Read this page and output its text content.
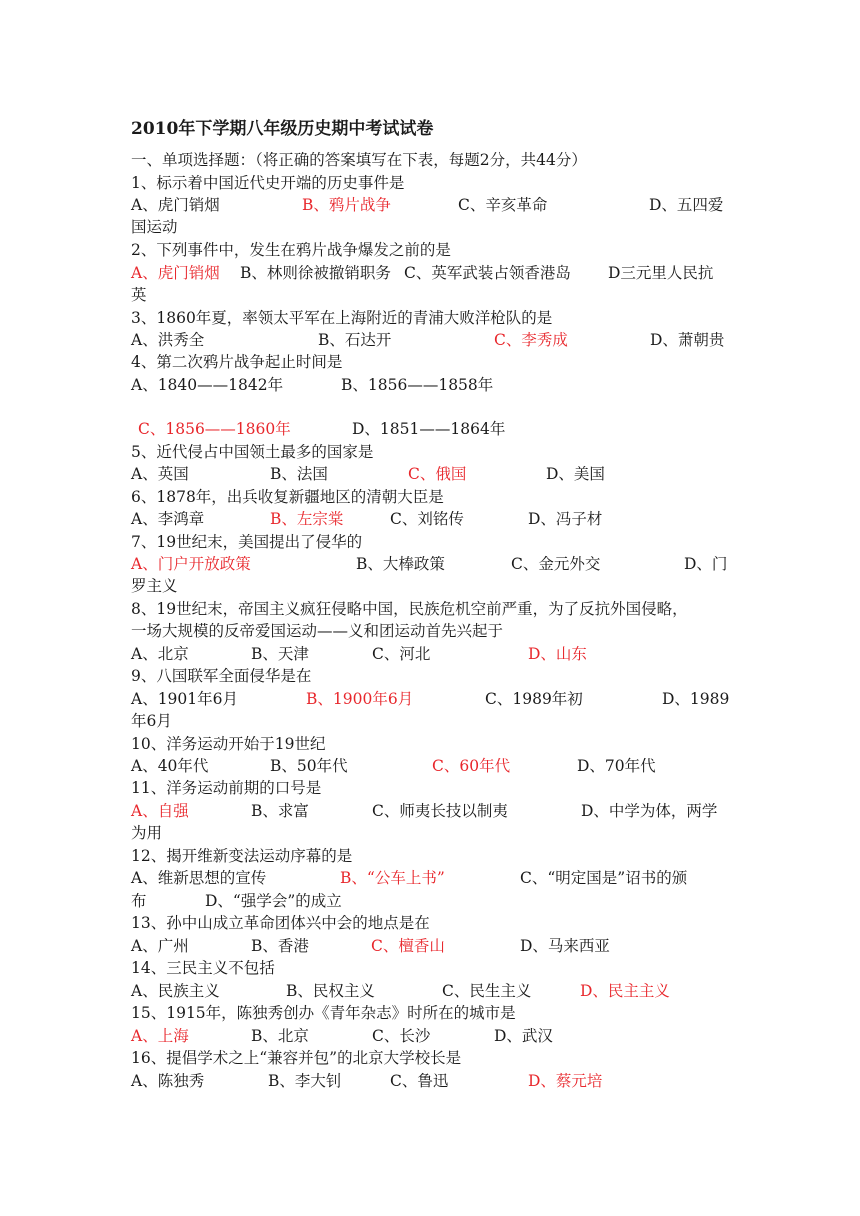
2010年下学期八年级历史期中考试试卷
一、单项选择题：（将正确的答案填写在下表，每题2分，共44分）
1、标示着中国近代史开端的历史事件是
A、虎门销烟	B、鸦片战争	C、辛亥革命	D、五四爱
国运动
2、下列事件中，发生在鸦片战争爆发之前的是
A、虎门销烟 B、林则徐被撤销职务 C、英军武装占领香港岛 D三元里人民抗
英
3、1860年夏，率领太平军在上海附近的青浦大败洋枪队的是
A、洪秀全	B、石达开	C、李秀成	D、萧朝贵
4、第二次鸦片战争起止时间是
A、1840——1842年	B、1856——1858年
C、1856——1860年	D、1851——1864年
5、近代侵占中国领土最多的国家是
A、英国	B、法国	C、俄国	D、美国
6、1878年，出兵收复新疆地区的清朝大臣是
A、李鸿章	B、左宗棠	C、刘铭传	D、冯子材
7、19世纪末，美国提出了侵华的
A、门户开放政策	B、大棒政策	C、金元外交	D、门
罗主义
8、19世纪末，帝国主义疯狂侵略中国，民族危机空前严重，为了反抗外国侵略，
一场大规模的反帝爱国运动——义和团运动首先兴起于
A、北京	B、天津	C、河北	D、山东
9、八国联军全面侵华是在
A、1901年6月	B、1900年6月	C、1989年初	D、1989
年6月
10、洋务运动开始于19世纪
A、40年代	B、50年代	C、60年代	D、70年代
11、洋务运动前期的口号是
A、自强	B、求富	C、师夷长技以制夷	D、中学为体，两学
为用
12、揭开维新变法运动序幕的是
A、维新思想的宣传	B、“公车上书”	C、“明定国是”诏书的颁
布	D、“强学会”的成立
13、孙中山成立革命团体兴中会的地点是在
A、广州	B、香港	C、檀香山	D、马来西亚
14、三民主义不包括
A、民族主义	B、民权主义	C、民生主义	D、民主主义
15、1915年，陈独秀创办《青年杂志》时所在的城市是
A、上海	B、北京	C、长沙	D、武汉
16、提倡学术之上“兼容并包”的北京大学校长是
A、陈独秀	B、李大钊	C、鲁迅	D、蔡元培
